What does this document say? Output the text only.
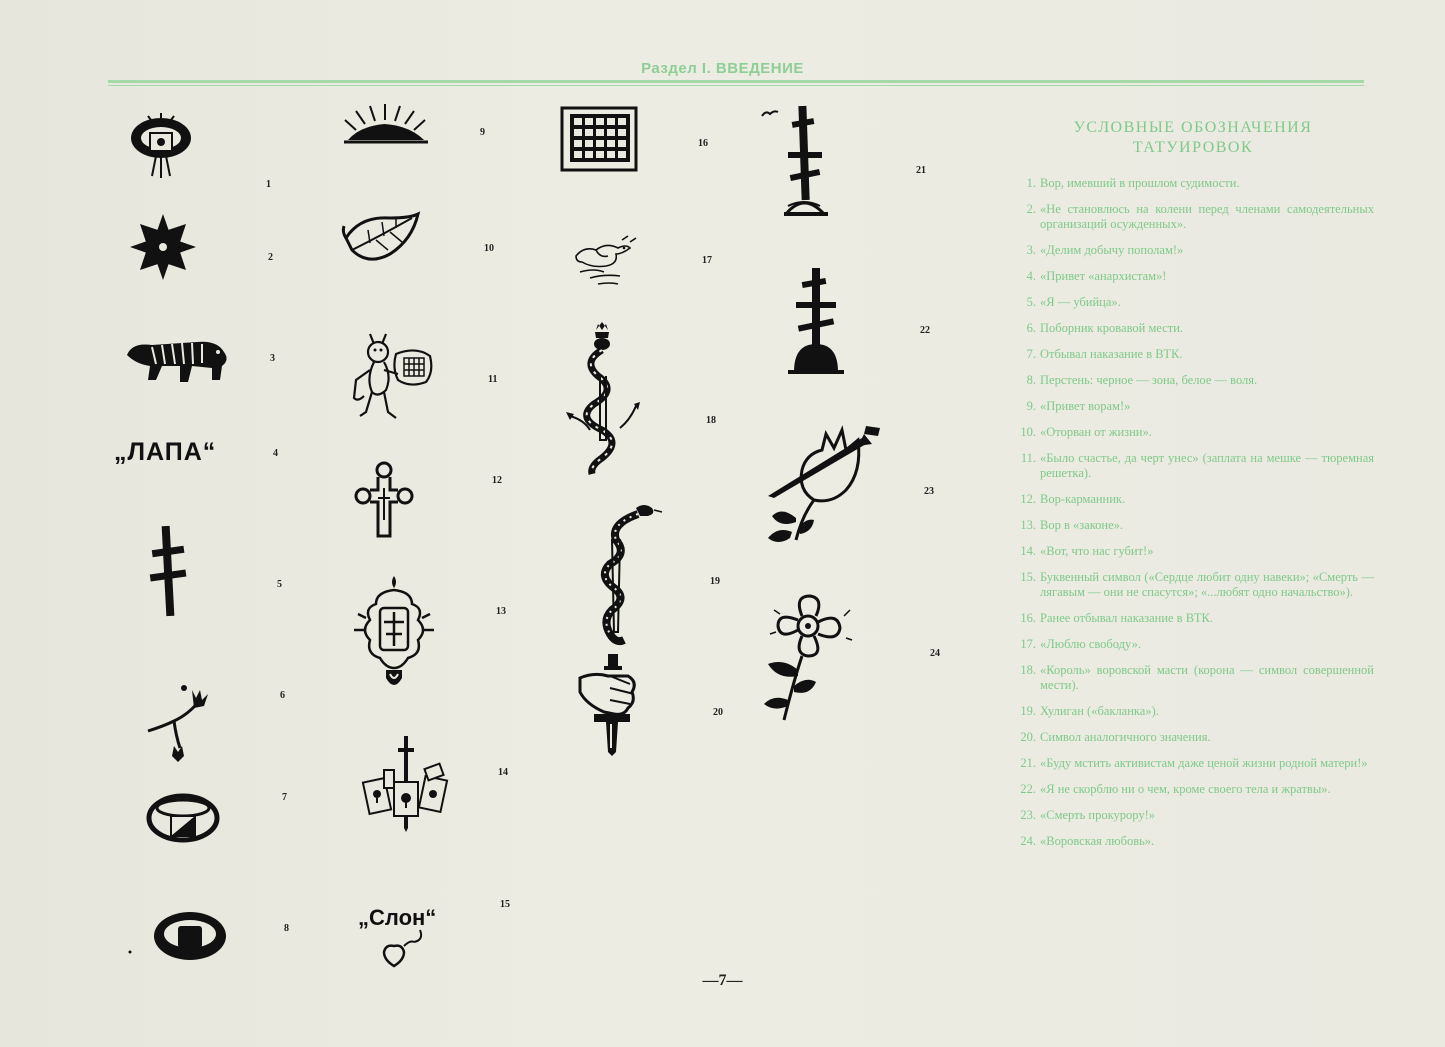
Раздел I. ВВЕДЕНИЕ
1
2
3
„ЛАПА“	4
5
6
7
8
9
10
11
12
13
14
„Слон“
15
16
17
18
19
20
21
22
23
24
УСЛОВНЫЕ ОБОЗНАЧЕНИЯ
ТАТУИРОВОК
1. Вор, имевший в прошлом судимости.
2. «Не становлюсь на колени перед членами самодеятельных организаций осужденных».
3. «Делим добычу пополам!»
4. «Привет «анархистам»!
5. «Я — убийца».
6. Поборник кровавой мести.
7. Отбывал наказание в ВТК.
8. Перстень: черное — зона, белое — воля.
9. «Привет ворам!»
10. «Оторван от жизни».
11. «Было счастье, да черт унес» (заплата на мешке — тюремная решетка).
12. Вор-карманник.
13. Вор в «законе».
14. «Вот, что нас губит!»
15. Буквенный символ («Сердце любит одну навеки»; «Смерть — лягавым — они не спасутся»; «...любят одно начальство»).
16. Ранее отбывал наказание в ВТК.
17. «Люблю свободу».
18. «Король» воровской масти (корона — символ совершенной мести).
19. Хулиган («бакланка»).
20. Символ аналогичного значения.
21. «Буду мстить активистам даже ценой жизни родной матери!»
22. «Я не скорблю ни о чем, кроме своего тела и жратвы».
23. «Смерть прокурору!»
24. «Воровская любовь».
—7—
